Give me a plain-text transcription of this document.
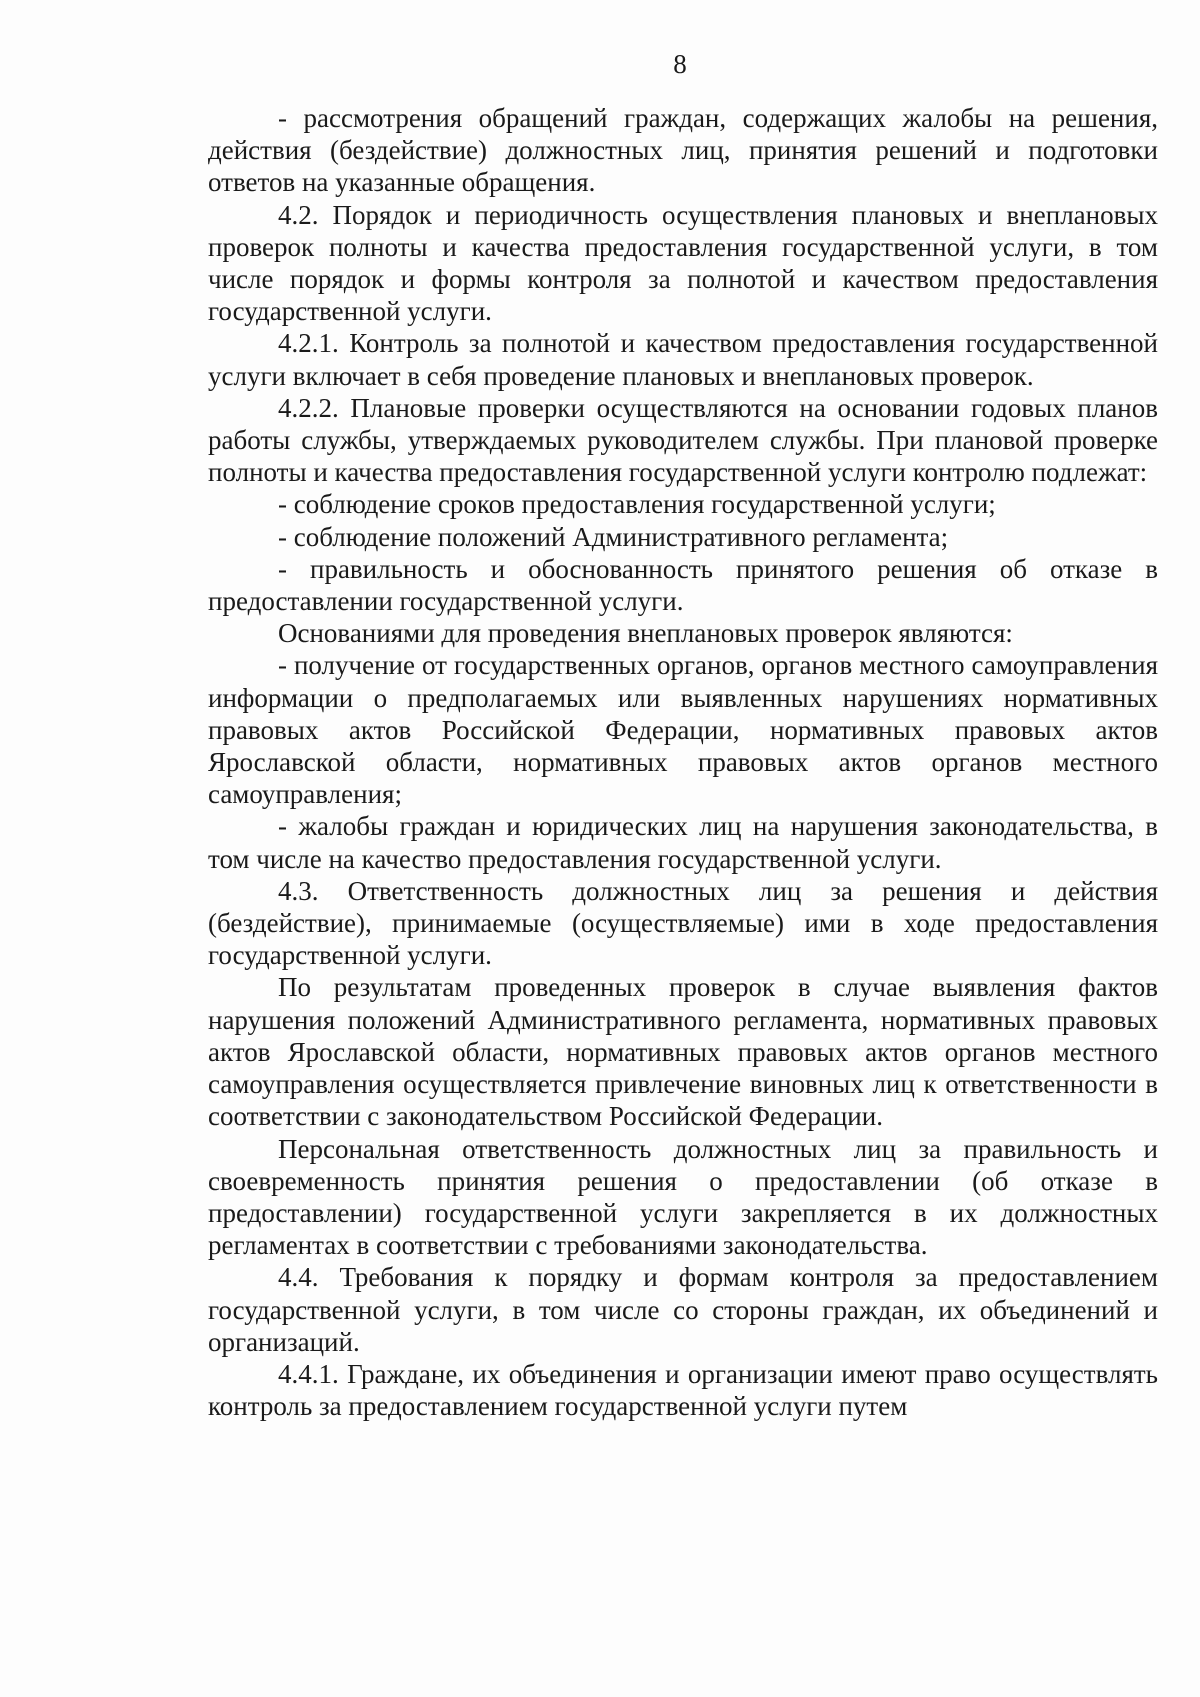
8

- рассмотрения обращений граждан, содержащих жалобы на решения, действия (бездействие) должностных лиц, принятия решений и подготовки ответов на указанные обращения.

4.2. Порядок и периодичность осуществления плановых и внеплановых проверок полноты и качества предоставления государственной услуги, в том числе порядок и формы контроля за полнотой и качеством предоставления государственной услуги.

4.2.1. Контроль за полнотой и качеством предоставления государственной услуги включает в себя проведение плановых и внеплановых проверок.

4.2.2. Плановые проверки осуществляются на основании годовых планов работы службы, утверждаемых руководителем службы. При плановой проверке полноты и качества предоставления государственной услуги контролю подлежат:

- соблюдение сроков предоставления государственной услуги;

- соблюдение положений Административного регламента;

- правильность и обоснованность принятого решения об отказе в предоставлении государственной услуги.

Основаниями для проведения внеплановых проверок являются:

- получение от государственных органов, органов местного самоуправления информации о предполагаемых или выявленных нарушениях нормативных правовых актов Российской Федерации, нормативных правовых актов Ярославской области, нормативных правовых актов органов местного самоуправления;

- жалобы граждан и юридических лиц на нарушения законодательства, в том числе на качество предоставления государственной услуги.

4.3. Ответственность должностных лиц за решения и действия (бездействие), принимаемые (осуществляемые) ими в ходе предоставления государственной услуги.

По результатам проведенных проверок в случае выявления фактов нарушения положений Административного регламента, нормативных правовых актов Ярославской области, нормативных правовых актов органов местного самоуправления осуществляется привлечение виновных лиц к ответственности в соответствии с законодательством Российской Федерации.

Персональная ответственность должностных лиц за правильность и своевременность принятия решения о предоставлении (об отказе в предоставлении) государственной услуги закрепляется в их должностных регламентах в соответствии с требованиями законодательства.

4.4. Требования к порядку и формам контроля за предоставлением государственной услуги, в том числе со стороны граждан, их объединений и организаций.

4.4.1. Граждане, их объединения и организации имеют право осуществлять контроль за предоставлением государственной услуги путем
